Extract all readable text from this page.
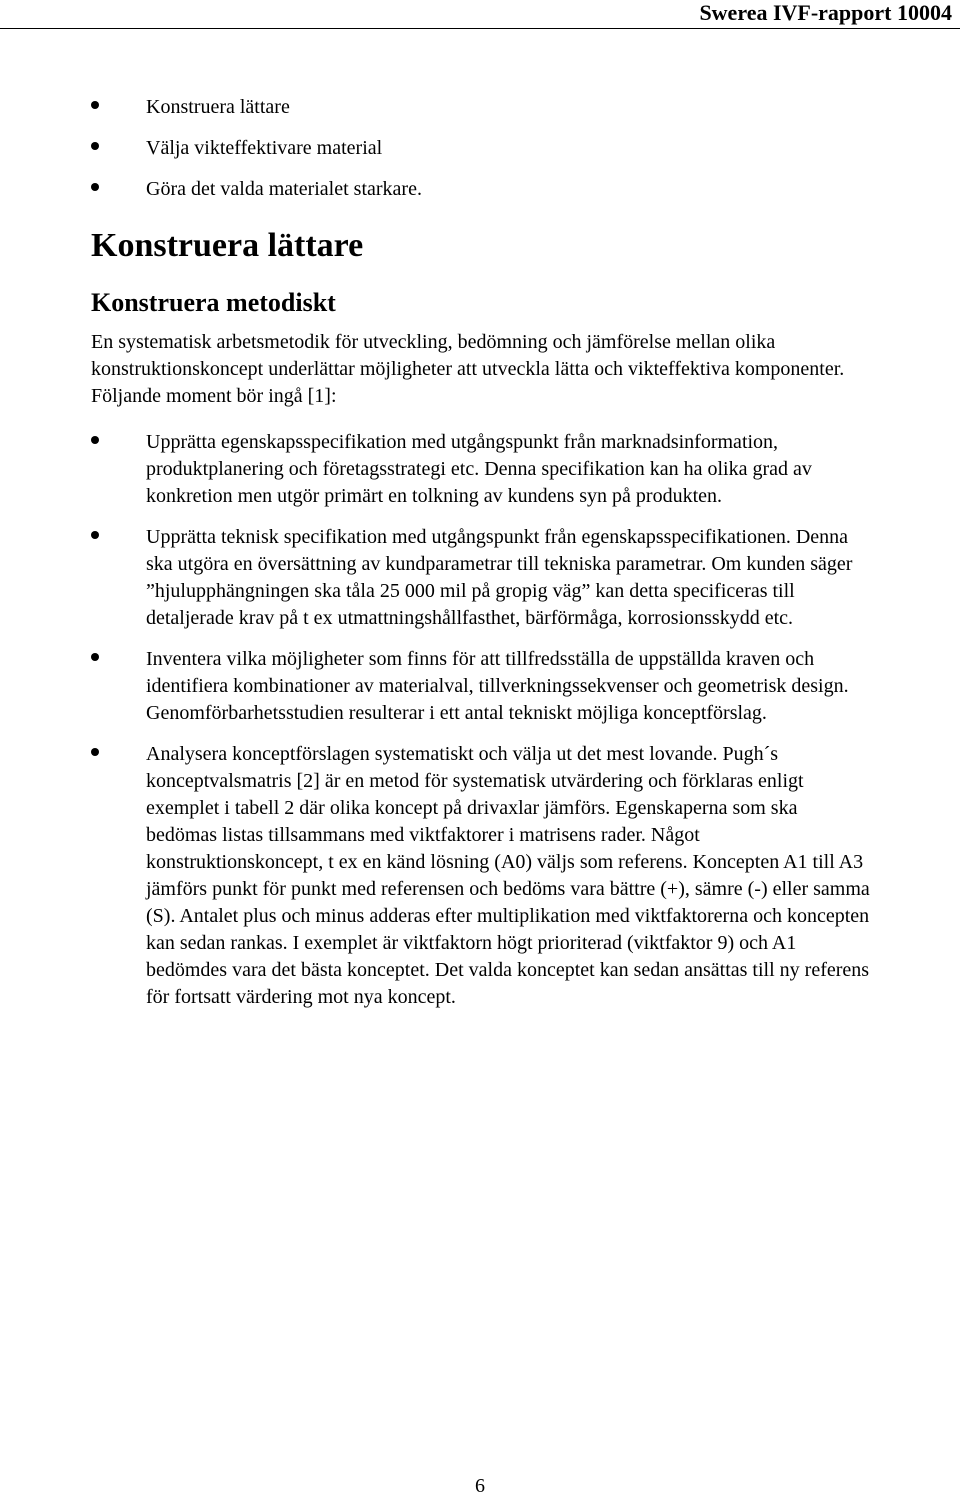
Swerea IVF-rapport 10004
Konstruera lättare
Välja vikteffektivare material
Göra det valda materialet starkare.
Konstruera lättare
Konstruera metodiskt

En systematisk arbetsmetodik för utveckling, bedömning och jämförelse mellan olika konstruktionskoncept underlättar möjligheter att utveckla lätta och vikteffektiva komponenter. Följande moment bör ingå [1]:

Upprätta egenskapsspecifikation med utgångspunkt från marknadsinformation, produktplanering och företagsstrategi etc. Denna specifikation kan ha olika grad av konkretion men utgör primärt en tolkning av kundens syn på produkten.
Upprätta teknisk specifikation med utgångspunkt från egenskapsspecifikationen. Denna ska utgöra en översättning av kundparametrar till tekniska parametrar. Om kunden säger ”hjulupphängningen ska tåla 25 000 mil på gropig väg” kan detta specificeras till detaljerade krav på t ex utmattningshållfasthet, bärförmåga, korrosionsskydd etc.
Inventera vilka möjligheter som finns för att tillfredsställa de uppställda kraven och identifiera kombinationer av materialval, tillverkningssekvenser och geometrisk design. Genomförbarhetsstudien resulterar i ett antal tekniskt möjliga konceptförslag.
Analysera konceptförslagen systematiskt och välja ut det mest lovande. Pugh´s konceptvalsmatris [2] är en metod för systematisk utvärdering och förklaras enligt exemplet i tabell 2 där olika koncept på drivaxlar jämförs. Egenskaperna som ska bedömas listas tillsammans med viktfaktorer i matrisens rader. Något konstruktionskoncept, t ex en känd lösning (A0) väljs som referens. Koncepten A1 till A3 jämförs punkt för punkt med referensen och bedöms vara bättre (+), sämre (-) eller samma (S). Antalet plus och minus adderas efter multiplikation med viktfaktorerna och koncepten kan sedan rankas. I exemplet är viktfaktorn högt prioriterad (viktfaktor 9) och A1 bedömdes vara det bästa konceptet. Det valda konceptet kan sedan ansättas till ny referens för fortsatt värdering mot nya koncept.
6
